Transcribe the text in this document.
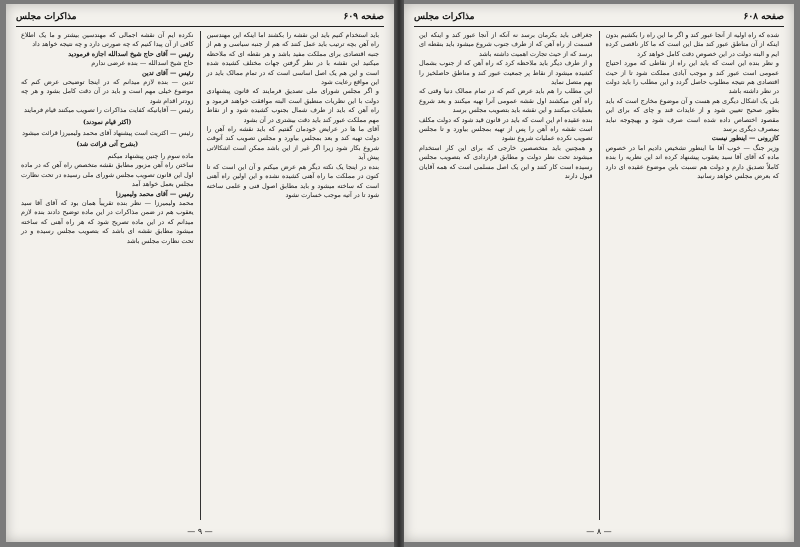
صفحه ۶۰۹
مذاکرات مجلس

باید استخدام کنیم باید این نقشه را بکشند اما اینکه این مهندسین راه آهن بچه ترتیب باید عمل کنند که هم از جنبه سیاسی و هم از جنبه اقتصادی برای مملکت مفید باشد و هر نقطه ای که ملاحظه میکنید این نقشه با در نظر گرفتن جهات مختلف کشیده شده است و این هم یک اصل اساسی است که در تمام ممالک باید در این مواقع رعایت شود

و اگر مجلس شورای ملی تصدیق فرمایند که قانون پیشنهادی دولت با این نظریات منطبق است البته موافقت خواهند فرمود و راه آهن که باید از طرف شمال بجنوب کشیده شود و از نقاط مهم مملکت عبور کند باید دقت بیشتری در آن بشود

آقای ما ها در عرایض خودمان گفتیم که باید نقشه راه آهن را دولت تهیه کند و بعد بمجلس بیاورد و مجلس تصویب کند آنوقت شروع بکار شود زیرا اگر غیر از این باشد ممکن است اشکالاتی پیش آید

بنده در اینجا یک نکته دیگر هم عرض میکنم و آن این است که تا کنون در مملکت ما راه آهنی کشیده نشده و این اولین راه آهنی است که ساخته میشود و باید مطابق اصول فنی و علمی ساخته شود تا در آتیه موجب خسارت نشود

نکرده ایم آن نقشه اجمالی که مهندسین بیشتر و ما یک اطلاع کافی از آن پیدا کنیم که چه صورتی دارد و چه نتیجه خواهد داد

رئیس — آقای حاج شیخ اسدالله اجازه فرمودید

حاج شیخ اسدالله — بنده عرضی ندارم

رئیس — آقای تدین

تدین — بنده لازم میدانم که در اینجا توضیحی عرض کنم که موضوع خیلی مهم است و باید در آن دقت کامل بشود و هر چه زودتر اقدام شود

رئیس — آقایانیکه کفایت مذاکرات را تصویب میکنند قیام فرمایند

(اکثر قیام نمودند)

رئیس — اکثریت است پیشنهاد آقای محمد ولیمیرزا قرائت میشود

(بشرح آتی قرائت شد)

ماده سوم را چنین پیشنهاد میکنم

ساختن راه آهن مزبور مطابق نقشه متخصص راه آهن که در ماده اول این قانون تصویب مجلس شورای ملی رسیده در تحت نظارت مجلس بعمل خواهد آمد

رئیس — آقای محمد ولیمیرزا

محمد ولیمیرزا — نظر بنده تقریباً همان بود که آقای آقا سید یعقوب هم در ضمن مذاکرات در این ماده توضیح دادند بنده لازم میدانم که در این ماده تصریح شود که هر راه آهنی که ساخته میشود مطابق نقشه ای باشد که بتصویب مجلس رسیده و در تحت نظارت مجلس باشد

— ۹ —
صفحه ۶۰۸
مذاکرات مجلس

شده که راه اولیه از آنجا عبور کند و اگر ما این راه را بکشیم بدون اینکه از آن مناطق عبور کند مثل این است که ما کار ناقصی کرده ایم و البته دولت در این خصوص دقت کامل خواهد کرد

و نظر بنده این است که باید این راه از نقاطی که مورد احتیاج عمومی است عبور کند و موجب آبادی مملکت شود تا از حیث اقتصادی هم نتیجه مطلوب حاصل گردد و این مطلب را باید دولت در نظر داشته باشد

بلی یک اشکال دیگری هم هست و آن موضوع مخارج است که باید بطور صحیح تعیین شود و از عایدات قند و چای که برای این مقصود اختصاص داده شده است صرف شود و بهیچوجه نباید بمصرف دیگری برسد

کازرونی — اینطور نیست

وزیر جنگ — خوب آقا ما اینطور تشخیص دادیم اما در خصوص ماده که آقای آقا سید یعقوب پیشنهاد کرده اند این نظریه را بنده کاملاً تصدیق دارم و دولت هم نسبت باین موضوع عقیده ای دارد که بعرض مجلس خواهد رسانید

جغرافی باید بکرمان برسد نه آنکه از آنجا عبور کند و اینکه این قسمت از راه آهن که از طرف جنوب شروع میشود باید بنقطه ای برسد که از حیث تجارت اهمیت داشته باشد

و از طرف دیگر باید ملاحظه کرد که راه آهن که از جنوب بشمال کشیده میشود از نقاط پر جمعیت عبور کند و مناطق حاصلخیز را بهم متصل نماید

این مطلب را هم باید عرض کنم که در تمام ممالک دنیا وقتی که راه آهن میکشند اول نقشه عمومی آنرا تهیه میکنند و بعد شروع بعملیات میکنند و این نقشه باید بتصویب مجلس برسد

بنده عقیده ام این است که باید در قانون قید شود که دولت مکلف است نقشه راه آهن را پس از تهیه بمجلس بیاورد و تا مجلس تصویب نکرده عملیات شروع نشود

و همچنین باید متخصصین خارجی که برای این کار استخدام میشوند تحت نظر دولت و مطابق قراردادی که بتصویب مجلس رسیده است کار کنند و این یک اصل مسلمی است که همه آقایان قبول دارند

— ۸ —
